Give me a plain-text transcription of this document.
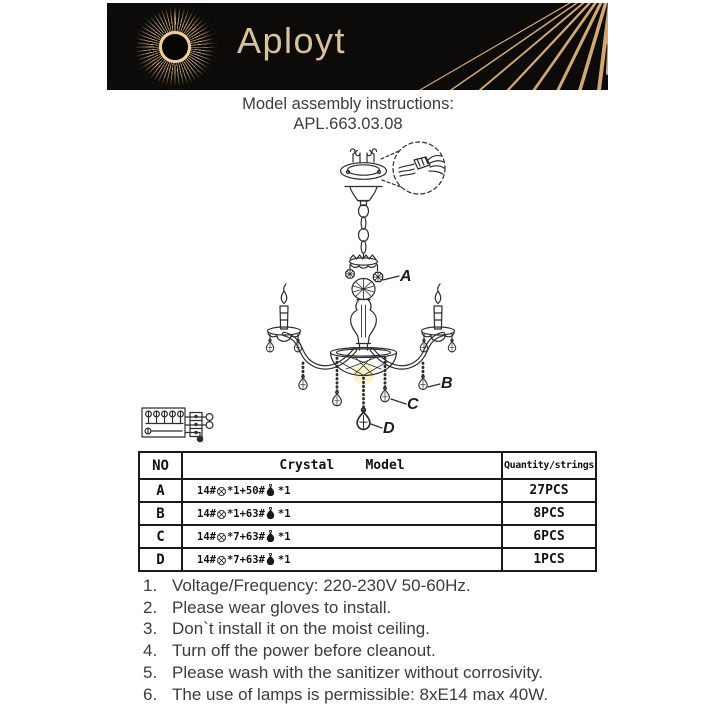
Aployt
Model assembly instructions:
APL.663.03.08
A
B
C
D
NO	Crystal    Model	Quantity/strings
A	14# *1+50# *1	27PCS
B	14# *1+63# *1	8PCS
C	14# *7+63# *1	6PCS
D	14# *7+63# *1	1PCS
1. Voltage/Frequency: 220-230V 50-60Hz.
2. Please wear gloves to install.
3. Don`t install it on the moist ceiling.
4. Turn off the power before cleanout.
5. Please wash with the sanitizer without corrosivity.
6. The use of lamps is permissible: 8xE14 max 40W.
